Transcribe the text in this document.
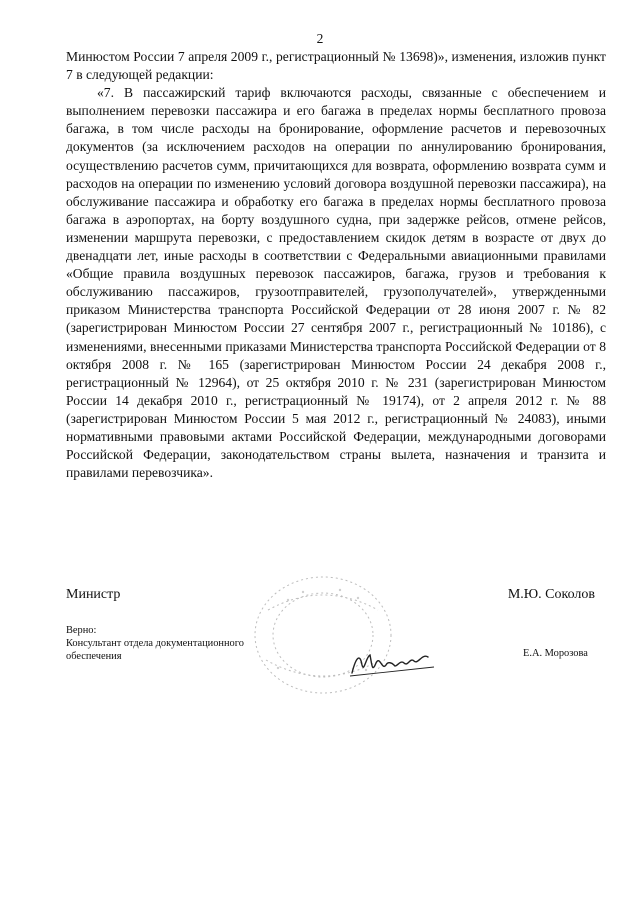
2

Минюстом России 7 апреля 2009 г., регистрационный № 13698)», изменения, изложив пункт 7 в следующей редакции:

«7. В пассажирский тариф включаются расходы, связанные с обеспечением и выполнением перевозки пассажира и его багажа в пределах нормы бесплатного провоза багажа, в том числе расходы на бронирование, оформление расчетов и перевозочных документов (за исключением расходов на операции по аннулированию бронирования, осуществлению расчетов сумм, причитающихся для возврата, оформлению возврата сумм и расходов на операции по изменению условий договора воздушной перевозки пассажира), на обслуживание пассажира и обработку его багажа в пределах нормы бесплатного провоза багажа в аэропортах, на борту воздушного судна, при задержке рейсов, отмене рейсов, изменении маршрута перевозки, с предоставлением скидок детям в возрасте от двух до двенадцати лет, иные расходы в соответствии с Федеральными авиационными правилами «Общие правила воздушных перевозок пассажиров, багажа, грузов и требования к обслуживанию пассажиров, грузоотправителей, грузополучателей», утвержденными приказом Министерства транспорта Российской Федерации от 28 июня 2007 г. № 82 (зарегистрирован Минюстом России 27 сентября 2007 г., регистрационный № 10186), с изменениями, внесенными приказами Министерства транспорта Российской Федерации от 8 октября 2008 г. № 165 (зарегистрирован Минюстом России 24 декабря 2008 г., регистрационный № 12964), от 25 октября 2010 г. № 231 (зарегистрирован Минюстом России 14 декабря 2010 г., регистрационный № 19174), от 2 апреля 2012 г. № 88 (зарегистрирован Минюстом России 5 мая 2012 г., регистрационный № 24083), иными нормативными правовыми актами Российской Федерации, международными договорами Российской Федерации, законодательством страны вылета, назначения и транзита и правилами перевозчика».

Министр	М.Ю. Соколов
Верно:
Консультант отдела документационного
обеспечения	Е.А. Морозова
